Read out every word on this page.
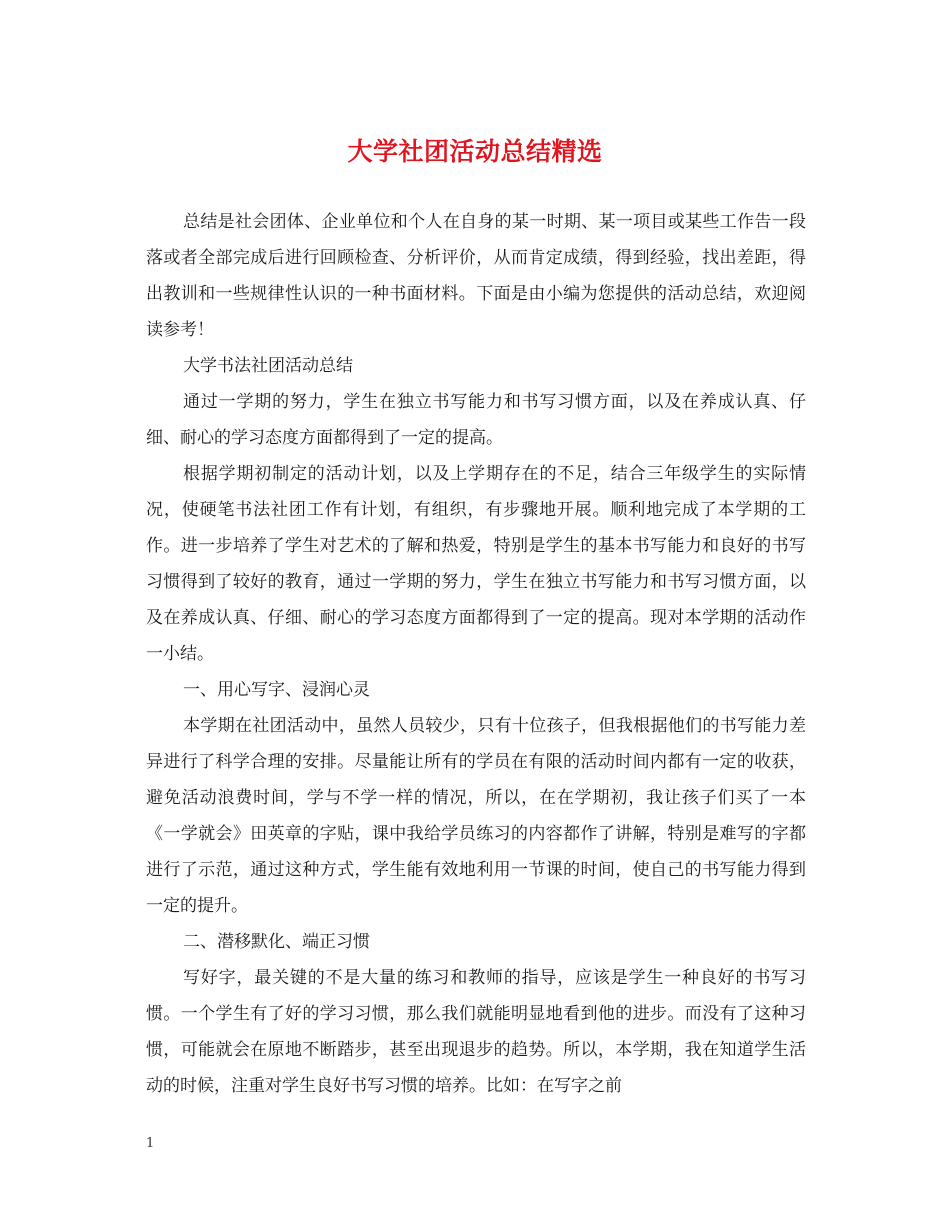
大学社团活动总结精选

总结是社会团体、企业单位和个人在自身的某一时期、某一项目或某些工作告一段落或者全部完成后进行回顾检查、分析评价，从而肯定成绩，得到经验，找出差距，得出教训和一些规律性认识的一种书面材料。下面是由小编为您提供的活动总结，欢迎阅读参考！

大学书法社团活动总结

通过一学期的努力，学生在独立书写能力和书写习惯方面，以及在养成认真、仔细、耐心的学习态度方面都得到了一定的提高。

根据学期初制定的活动计划，以及上学期存在的不足，结合三年级学生的实际情况，使硬笔书法社团工作有计划，有组织，有步骤地开展。顺利地完成了本学期的工作。进一步培养了学生对艺术的了解和热爱，特别是学生的基本书写能力和良好的书写习惯得到了较好的教育，通过一学期的努力，学生在独立书写能力和书写习惯方面，以及在养成认真、仔细、耐心的学习态度方面都得到了一定的提高。现对本学期的活动作一小结。

一、用心写字、浸润心灵

本学期在社团活动中，虽然人员较少，只有十位孩子，但我根据他们的书写能力差异进行了科学合理的安排。尽量能让所有的学员在有限的活动时间内都有一定的收获，避免活动浪费时间，学与不学一样的情况，所以，在在学期初，我让孩子们买了一本《一学就会》田英章的字贴，课中我给学员练习的内容都作了讲解，特别是难写的字都进行了示范，通过这种方式，学生能有效地利用一节课的时间，使自己的书写能力得到一定的提升。

二、潜移默化、端正习惯

写好字，最关键的不是大量的练习和教师的指导，应该是学生一种良好的书写习惯。一个学生有了好的学习习惯，那么我们就能明显地看到他的进步。而没有了这种习惯，可能就会在原地不断踏步，甚至出现退步的趋势。所以，本学期，我在知道学生活动的时候，注重对学生良好书写习惯的培养。比如：在写字之前

1
